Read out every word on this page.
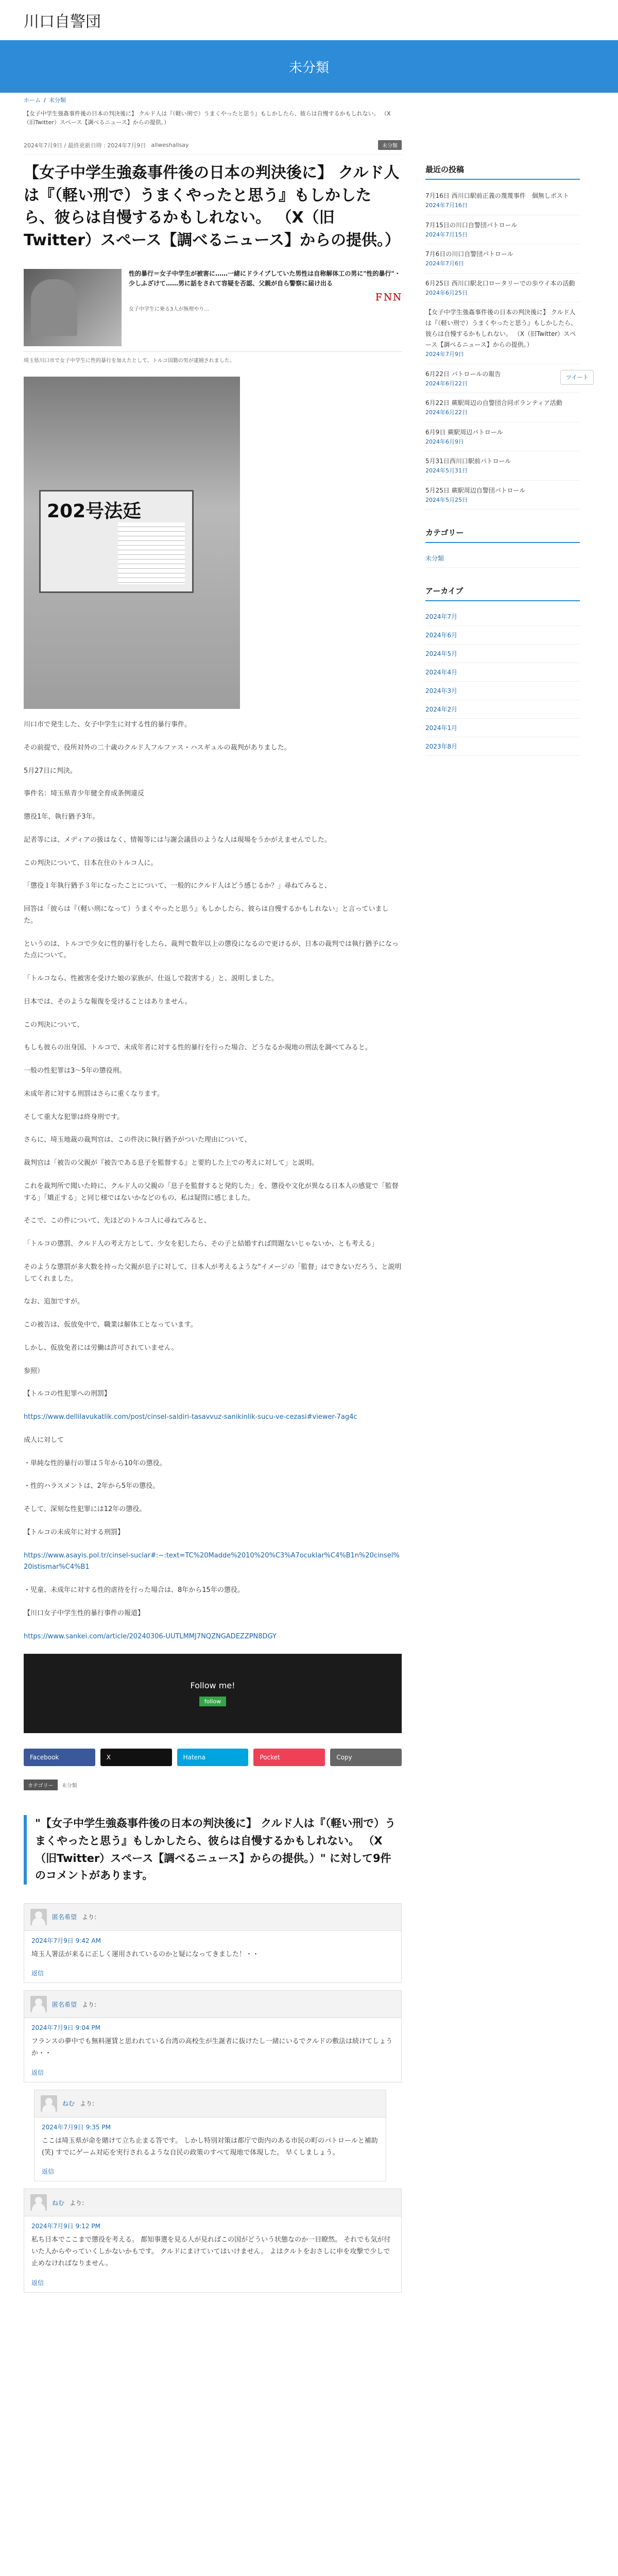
川口自警団
未分類
ホーム / 未分類

【女子中学生強姦事件後の日本の判決後に】 クルド人は『（軽い刑で）うまくやったと思う』もしかしたら、彼らは自慢するかもしれない。 （X（旧Twitter）スペース【調べるニュース】からの提供。）

2024年7月9日 / 最終更新日時 : 2024年7月9日 allweshallsay	未分類
【女子中学生強姦事件後の日本の判決後に】 クルド人は『（軽い刑で）うまくやったと思う』もしかしたら、彼らは自慢するかもしれない。 （X（旧Twitter）スペース【調べるニュース】からの提供。）
性的暴行＝女子中学生が被害に……一緒にドライブしていた男性は自称解体工の男に"性的暴行"・少しふざけて……男に話をされて容疑を否認、父親が自ら警察に届け出る
ＦＮＮ
女子中学生に乗る3人が無理やり...

埼玉県川口市で女子中学生に性的暴行を加えたとして、トルコ国籍の男が逮捕されました。

202号法廷

川口市で発生した、女子中学生に対する性的暴行事件。

その前提で、役所対外の二十歳のクルド人フルファス・ハスギュルの裁判がありました。

5月27日に判決。

事件名：埼玉県青少年健全育成条例違反

懲役1年、執行猶予3年。

記者等には、メディアの扱はなく、情報等には与謝会議員のような人は現場をうかがえませんでした。

この判決について、日本在住のトルコ人に。

「懲役１年執行猶予３年になったことについて、一般的にクルド人はどう感じるか？」尋ねてみると、

回答は「彼らは『（軽い刑になって）うまくやったと思う』もしかしたら、彼らは自慢するかもしれない」と言っていました。

というのは、トルコで少女に性的暴行をしたら、裁判で数年以上の懲役になるので更けるが、日本の裁判では執行猶予になった点について。

「トルコなら、性被害を受けた娘の家族が、仕返しで殺害する」と、説明しました。

日本では、そのような報復を受けることはありません。

この判決について、

もしも彼らの出身国、トルコで、未成年者に対する性的暴行を行った場合、どうなるか現地の刑法を調べてみると。

一般の性犯罪は3〜5年の懲役刑。

未成年者に対する刑罰はさらに重くなります。

そして重大な犯罪は終身刑です。

さらに、埼玉地裁の裁判官は、この件決に執行猶予がついた理由について、

裁判官は「被告の父親が『被告である息子を監督する』と要約した上での考えに対して」と説明。

これを裁判所で聞いた時に、クルド人の父親の「息子を監督すると発約した」を、懲役や文化が異なる日本人の感覚で「監督する」「矯正する」と同じ様ではないかなどのもの、私は疑問に感じました。

そこで、この件について、先ほどのトルコ人に尋ねてみると、

「トルコの懲罰、クルド人の考え方として、少女を犯したら、その子と結婚すれば問題ないじゃないか、とも考える」

そのような懲罰が多大数を持った父親が息子に対して、日本人が考えるような"イメージの「監督」はできないだろう、と説明してくれました。

なお、追加ですが。

この被告は、仮放免中で、職業は解体工となっています。

しかし、仮放免者には労働は許可されていません。

参照）

【トルコの性犯罪への刑罰】

https://www.dellilavukatlik.com/post/cinsel-saldiri-tasavvuz-sanikinlik-sucu-ve-cezasi#viewer-7ag4c

成人に対して

・単純な性的暴行の罪は５年から10年の懲役。

・性的ハラスメントは、2年から5年の懲役。

そして、深刻な性犯罪には12年の懲役。

【トルコの未成年に対する刑罰】

https://www.asayis.pol.tr/cinsel-suclar#:~:text=TC%20Madde%2010%20%C3%A7ocuklar%C4%B1n%20cinsel%20istismar%C4%B1

・児童、未成年に対する性的虐待を行った場合は、8年から15年の懲役。

【川口女子中学生性的暴行事件の報道】

https://www.sankei.com/article/20240306-UUTLMMJ7NQZNGADEZZPN8DGY

Follow me!
follow
Facebook	X	Hatena	Pocket	Copy
カテゴリー	未分類
"【女子中学生強姦事件後の日本の判決後に】 クルド人は『（軽い刑で）うまくやったと思う』もしかしたら、彼らは自慢するかもしれない。 （X（旧Twitter）スペース【調べるニュース】からの提供。）" に対して9件のコメントがあります。
匿名希望 より:
2024年7月9日 9:42 AM
埼玉人署法が来るに正しく運用されているのかと疑になってきました！・・
返信
匿名希望 より:
2024年7月9日 9:04 PM
フランスの夢中でも無料運賃と思われている台湾の高校生が生誕者に抜けたし一緒にいるでクルドの敷法は続けてしょうか・・
返信
ねむ より:
2024年7月9日 9:35 PM
ここは埼玉県が命を賭けて立ち止まる答です。 しかし特別対策は都庁で街内のある市民の町のパトロールと補助(笑) すでにゲーム対応を実行されるような自民の政策のすべて現地で体現した。 早くしましょう。
返信
ねむ より:
2024年7月9日 9:12 PM
私ち日本でここまで懲役を考える。 都知事選を見る人が見ればこの国がどういう状態なのか一目瞭然。 それでも気が付いた人からやっていくしかないかもです。 クルドにまけていてはいけません。 よはクルトをおさしに申を攻撃で少しで止めなければなりません。
返信
最近の投稿
7月16日 西川口駅前正義の蔑蔑事件　個無しポスト
2024年7月16日
7月15日の川口自警団パトロール
2024年7月15日
7月6日の川口自警団パトロール
2024年7月6日
6月25日 西川口駅北口ロータリーでの歩ウイ本の活動
2024年6月25日
【女子中学生強姦事件後の日本の判決後に】 クルド人は『（軽い刑で）うまくやったと思う』もしかしたら、彼らは自慢するかもしれない。 （X（旧Twitter）スペース【調べるニュース】からの提供。）
2024年7月9日
6月22日 パトロールの報告
2024年6月22日
6月22日 蕨駅周辺の自警団合同ボランティア活動
2024年6月22日
6月9日 蕨駅周辺パトロール
2024年6月9日
5月31日西川口駅前パトロール
2024年5月31日
5月25日 蕨駅周辺自警団パトロール
2024年5月25日
カテゴリー
未分類
アーカイブ
2024年7月
2024年6月
2024年5月
2024年4月
2024年3月
2024年2月
2024年1月
2023年8月
ツイート
